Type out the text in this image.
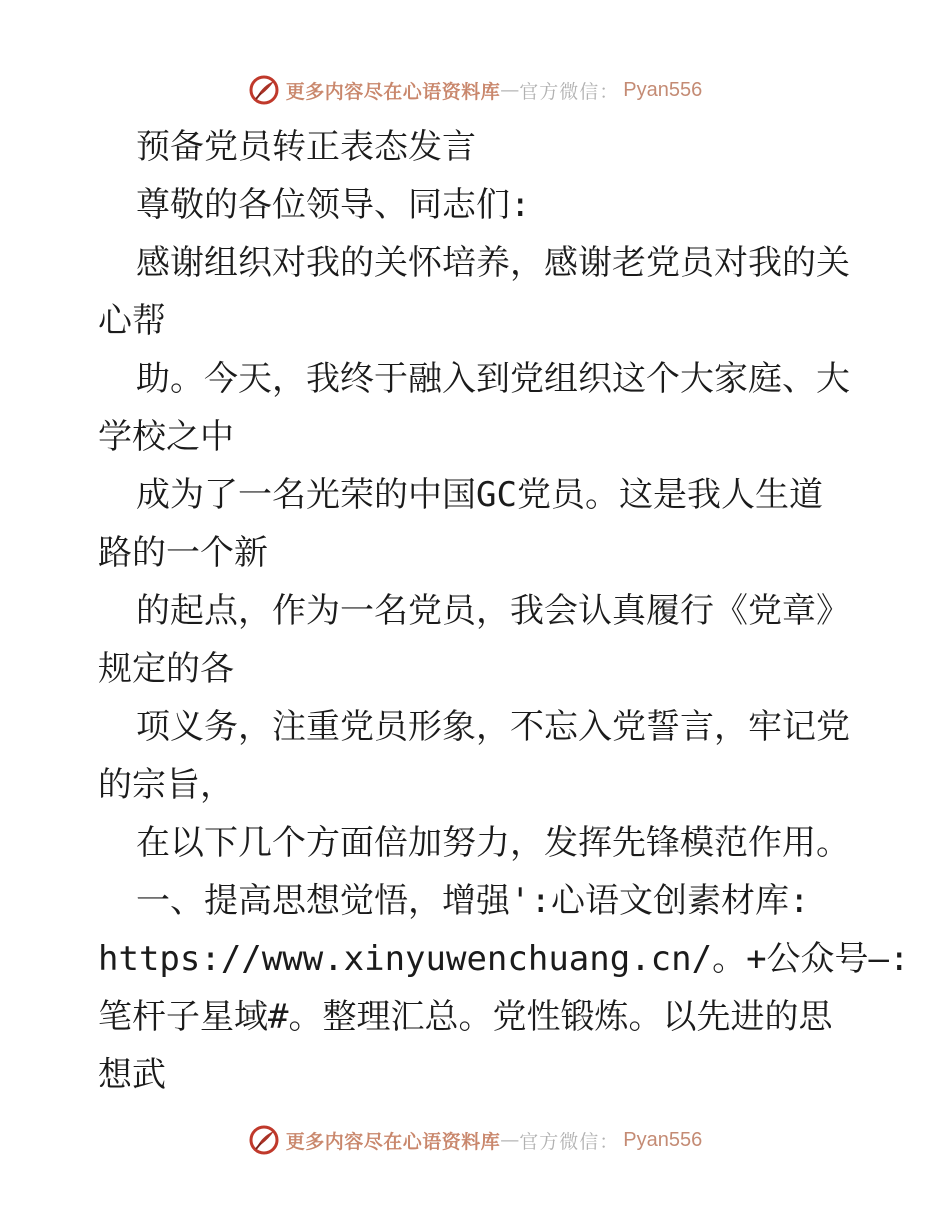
更多内容尽在心语资料库 — 官方微信： Pyan556

预备党员转正表态发言

尊敬的各位领导、同志们:

感谢组织对我的关怀培养，感谢老党员对我的关

心帮

助。今天，我终于融入到党组织这个大家庭、大

学校之中

成为了一名光荣的中国GC党员。这是我人生道

路的一个新

的起点，作为一名党员，我会认真履行《党章》

规定的各

项义务，注重党员形象，不忘入党誓言，牢记党

的宗旨，

在以下几个方面倍加努力，发挥先锋模范作用。

一、提高思想觉悟，增强':心语文创素材库:

https://www.xinyuwenchuang.cn/。+公众号—:

笔杆子星域#。整理汇总。党性锻炼。以先进的思

想武

更多内容尽在心语资料库 — 官方微信： Pyan556
